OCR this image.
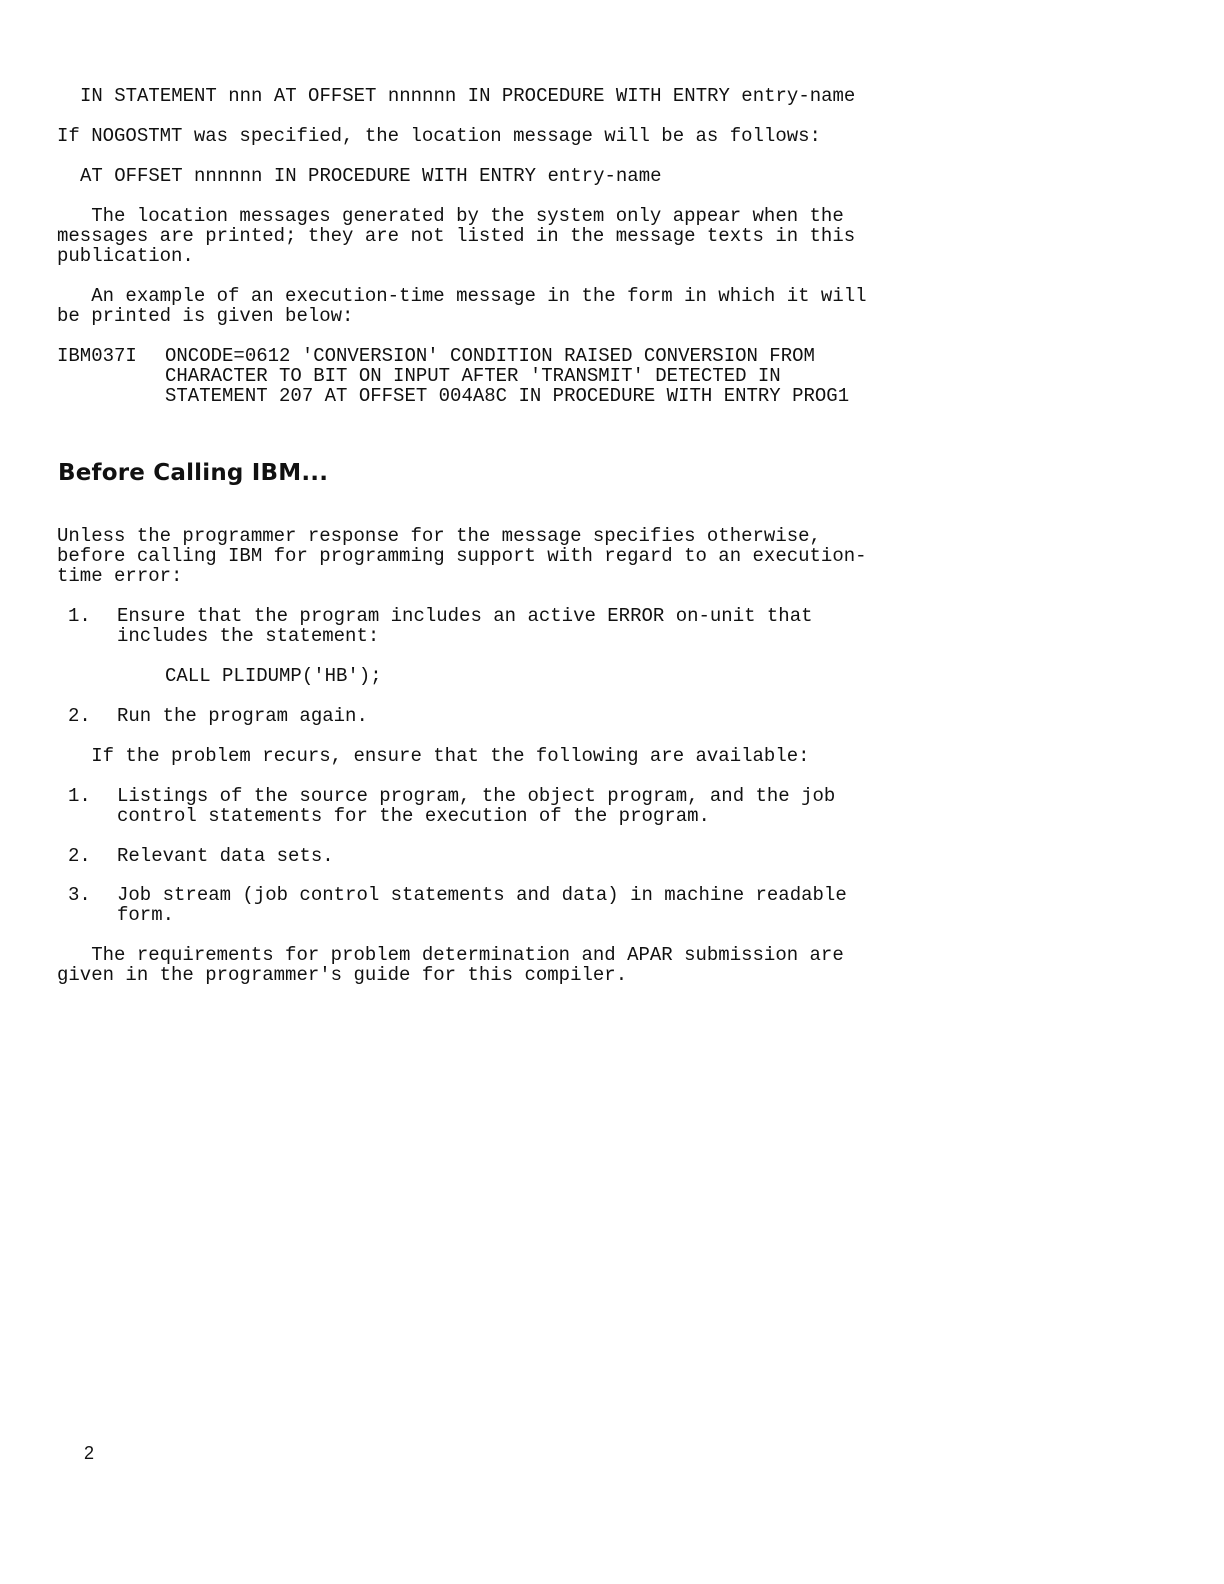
IN STATEMENT nnn AT OFFSET nnnnnn IN PROCEDURE WITH ENTRY entry-name
If NOGOSTMT was specified, the location message will be as follows:
AT OFFSET nnnnnn IN PROCEDURE WITH ENTRY entry-name
The location messages generated by the system only appear when the
messages are printed; they are not listed in the message texts in this
publication.
An example of an execution-time message in the form in which it will
be printed is given below:
IBM037I ONCODE=0612 'CONVERSION' CONDITION RAISED CONVERSION FROM
CHARACTER TO BIT ON INPUT AFTER 'TRANSMIT' DETECTED IN
STATEMENT 207 AT OFFSET 004A8C IN PROCEDURE WITH ENTRY PROG1
Before Calling IBM...
Unless the programmer response for the message specifies otherwise,
before calling IBM for programming support with regard to an execution-
time error:
1. Ensure that the program includes an active ERROR on-unit that
includes the statement:
CALL PLIDUMP('HB');
2. Run the program again.
If the problem recurs, ensure that the following are available:
1. Listings of the source program, the object program, and the job
control statements for the execution of the program.
2. Relevant data sets.
3. Job stream (job control statements and data) in machine readable
form.
The requirements for problem determination and APAR submission are
given in the programmer's guide for this compiler.
2
